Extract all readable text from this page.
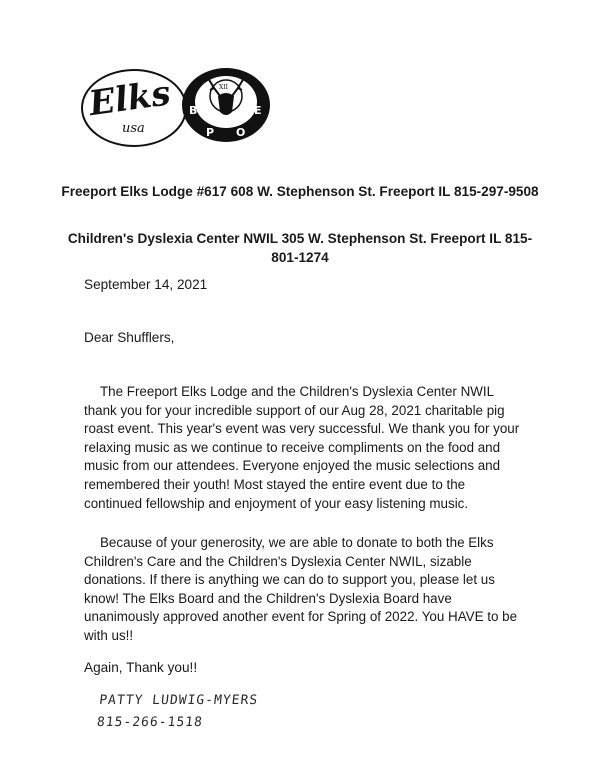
Elks
usa
XII
B
P O
E
Freeport Elks Lodge #617 608 W. Stephenson St. Freeport IL 815-297-9508
Children's Dyslexia Center NWIL 305 W. Stephenson St. Freeport IL 815-801-1274
September 14, 2021
Dear Shufflers,
The Freeport Elks Lodge and the Children's Dyslexia Center NWIL thank you for your incredible support of our Aug 28, 2021 charitable pig roast event. This year's event was very successful. We thank you for your relaxing music as we continue to receive compliments on the food and music from our attendees. Everyone enjoyed the music selections and remembered their youth! Most stayed the entire event due to the continued fellowship and enjoyment of your easy listening music.
Because of your generosity, we are able to donate to both the Elks Children's Care and the Children's Dyslexia Center NWIL, sizable donations. If there is anything we can do to support you, please let us know! The Elks Board and the Children's Dyslexia Board have unanimously approved another event for Spring of 2022. You HAVE to be with us!!
Again, Thank you!!
PATTY LUDWIG-MYERS
815-266-1518
